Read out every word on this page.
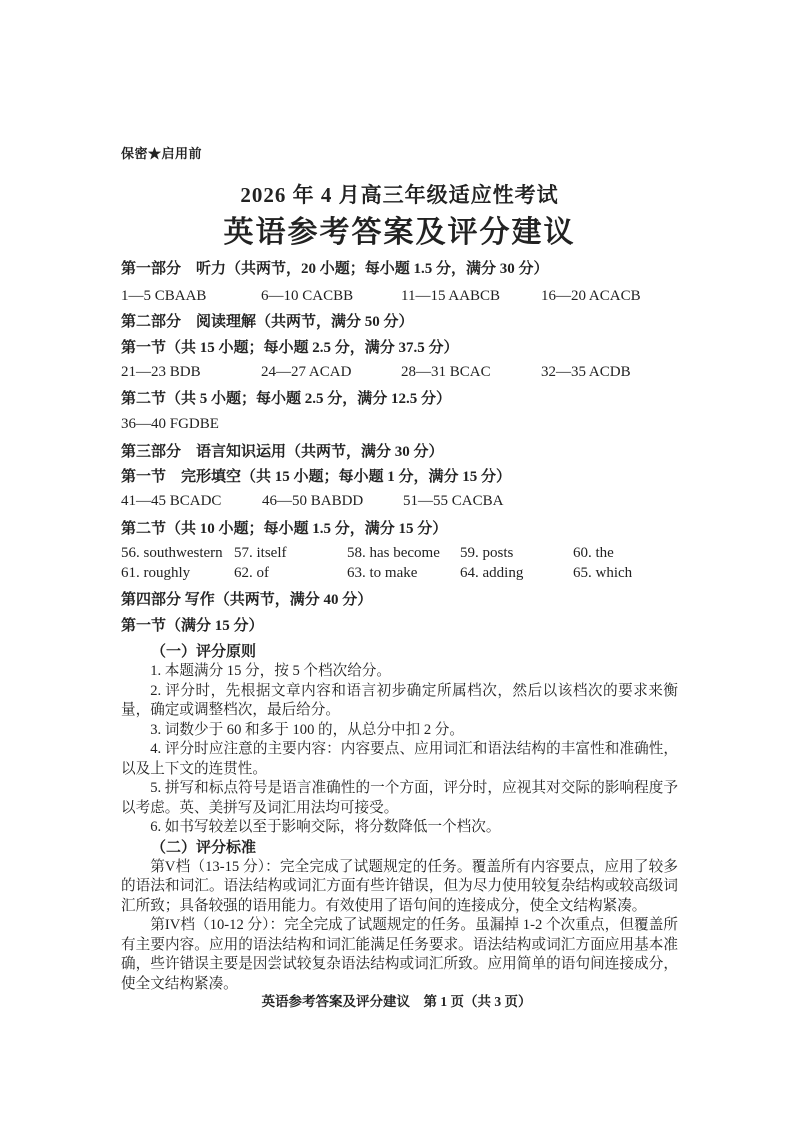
保密★启用前
2026 年 4 月高三年级适应性考试
英语参考答案及评分建议
第一部分　听力（共两节，20 小题；每小题 1.5 分，满分 30 分）
1—5 CBAAB	6—10 CACBB	11—15 AABCB	16—20 ACACB
第二部分　阅读理解（共两节，满分 50 分）
第一节（共 15 小题；每小题 2.5 分，满分 37.5 分）
21—23 BDB	24—27 ACAD	28—31 BCAC	32—35 ACDB
第二节（共 5 小题；每小题 2.5 分，满分 12.5 分）
36—40 FGDBE
第三部分　语言知识运用（共两节，满分 30 分）
第一节　完形填空（共 15 小题；每小题 1 分，满分 15 分）
41—45 BCADC	46—50 BABDD	51—55 CACBA
第二节（共 10 小题；每小题 1.5 分，满分 15 分）
56. southwestern 57. itself	58. has become	59. posts	60. the
61. roughly	62. of	63. to make	64. adding	65. which
第四部分 写作（共两节，满分 40 分）
第一节（满分 15 分）
（一）评分原则

1. 本题满分 15 分，按 5 个档次给分。

2. 评分时，先根据文章内容和语言初步确定所属档次，然后以该档次的要求来衡量，确定或调整档次，最后给分。

3. 词数少于 60 和多于 100 的，从总分中扣 2 分。

4. 评分时应注意的主要内容：内容要点、应用词汇和语法结构的丰富性和准确性，以及上下文的连贯性。

5. 拼写和标点符号是语言准确性的一个方面，评分时，应视其对交际的影响程度予以考虑。英、美拼写及词汇用法均可接受。

6. 如书写较差以至于影响交际，将分数降低一个档次。

（二）评分标准

第V档（13-15 分）：完全完成了试题规定的任务。覆盖所有内容要点，应用了较多的语法和词汇。语法结构或词汇方面有些许错误，但为尽力使用较复杂结构或较高级词汇所致；具备较强的语用能力。有效使用了语句间的连接成分，使全文结构紧凑。

第IV档（10-12 分）：完全完成了试题规定的任务。虽漏掉 1-2 个次重点，但覆盖所有主要内容。应用的语法结构和词汇能满足任务要求。语法结构或词汇方面应用基本准确，些许错误主要是因尝试较复杂语法结构或词汇所致。应用简单的语句间连接成分，使全文结构紧凑。

英语参考答案及评分建议　第 1 页（共 3 页）
